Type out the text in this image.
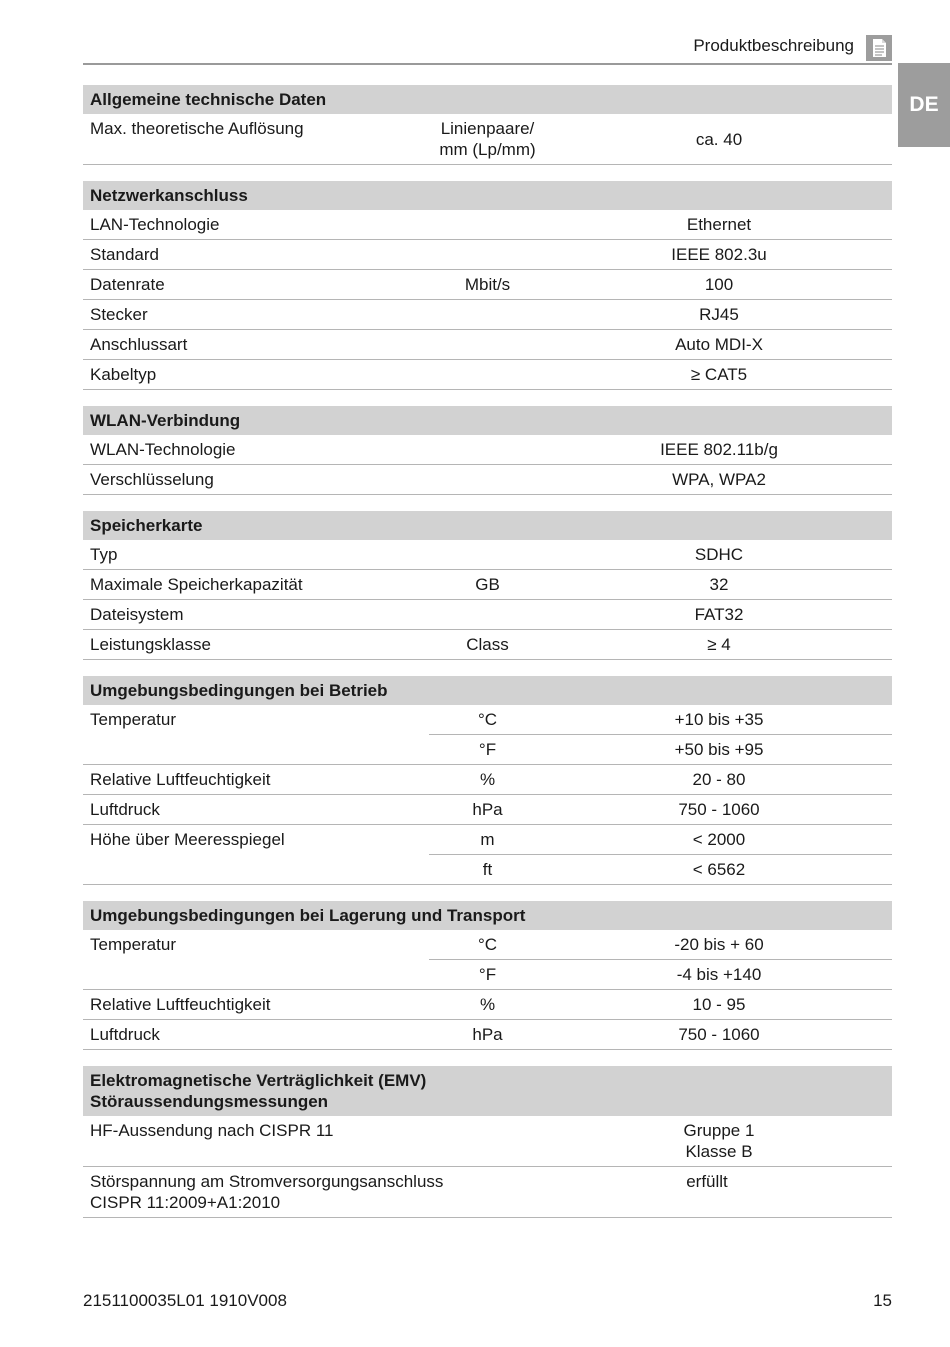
Produktbeschreibung
DE
Allgemeine technische Daten
Max. theoretische Auflösung	Linienpaare/
mm (Lp/mm)
ca. 40
Netzwerkanschluss
LAN-Technologie	Ethernet
Standard	IEEE 802.3u
Datenrate	Mbit/s	100
Stecker	RJ45
Anschlussart	Auto MDI-X
Kabeltyp	≥ CAT5
WLAN-Verbindung
WLAN-Technologie	IEEE 802.11b/g
Verschlüsselung	WPA, WPA2
Speicherkarte
Typ	SDHC
Maximale Speicherkapazität	GB	32
Dateisystem	FAT32
Leistungsklasse	Class	≥ 4
Umgebungsbedingungen bei Betrieb
Temperatur	°C	+10 bis +35
°F	+50 bis +95
Relative Luftfeuchtigkeit	%	20 - 80
Luftdruck	hPa	750 - 1060
Höhe über Meeresspiegel	m	< 2000
ft	< 6562
Umgebungsbedingungen bei Lagerung und Transport
Temperatur	°C	-20 bis + 60
°F	-4 bis +140
Relative Luftfeuchtigkeit	%	10 - 95
Luftdruck	hPa	750 - 1060
Elektromagnetische Verträglichkeit (EMV)
Störaussendungsmessungen
HF-Aussendung nach CISPR 11	Gruppe 1
Klasse B
Störspannung am Stromversorgungsanschluss
CISPR 11:2009+A1:2010
erfüllt
2151100035L01 1910V008	15
